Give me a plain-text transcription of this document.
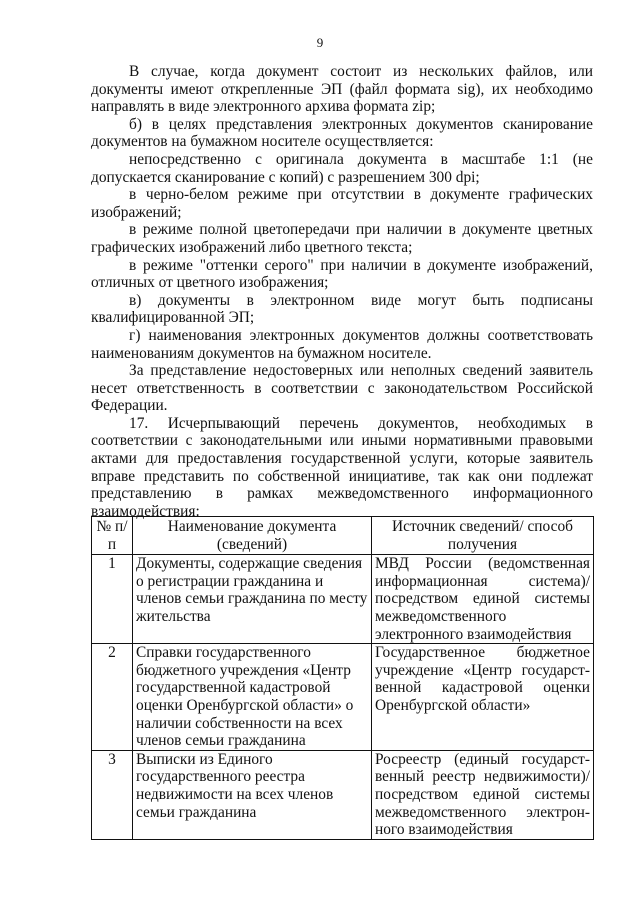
9

В случае, когда документ состоит из нескольких файлов, или документы имеют открепленные ЭП (файл формата sig), их необходимо направлять в виде электронного архива формата zip;

б) в целях представления электронных документов сканирование документов на бумажном носителе осуществляется:

непосредственно с оригинала документа в масштабе 1:1 (не допускается сканирование с копий) с разрешением 300 dpi;

в черно-белом режиме при отсутствии в документе графических изображений;

в режиме полной цветопередачи при наличии в документе цветных графических изображений либо цветного текста;

в режиме "оттенки серого" при наличии в документе изображений, отличных от цветного изображения;

в) документы в электронном виде могут быть подписаны квалифицированной ЭП;

г) наименования электронных документов должны соответствовать наименованиям документов на бумажном носителе.

За представление недостоверных или неполных сведений заявитель несет ответственность в соответствии с законодательством Российской Федерации.

17. Исчерпывающий перечень документов, необходимых в соответствии с законодательными или иными нормативными правовыми актами для предоставления государственной услуги, которые заявитель вправе представить по собственной инициативе, так как они подлежат представлению в рамках межведомственного информационного взаимодействия:

№ п/п	Наименование документа (сведений)	Источник сведений/ способ получения
1	Документы, содержащие сведения о регистрации гражданина и членов семьи гражданина по месту жительства	МВД России (ведомственная информационная система)/ посредством единой системы межведомственного электронного взаимодействия
2	Справки государственного бюджетного учреждения «Центр государственной кадастровой оценки Оренбургской области» о наличии собственности на всех членов семьи гражданина	Государственное бюджетное учреждение «Центр государст-венной кадастровой оценки Оренбургской области»
3	Выписки из Единого государственного реестра недвижимости на всех членов семьи гражданина	Росреестр (единый государст-венный реестр недвижимости)/ посредством единой системы межведомственного электрон-ного взаимодействия
